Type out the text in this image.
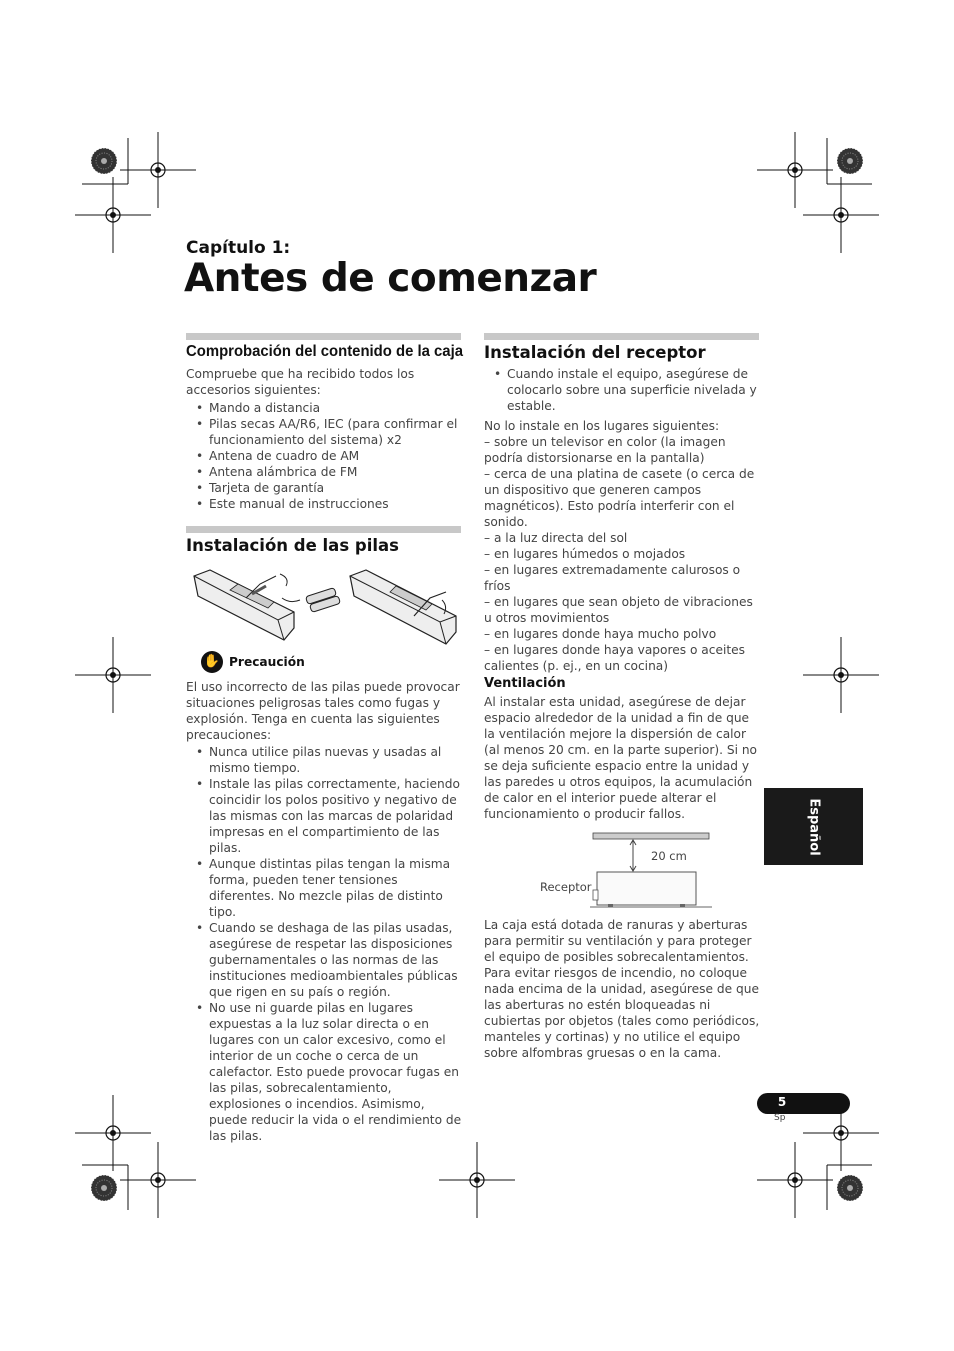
Capítulo 1:
Antes de comenzar
Comprobación del contenido de la caja
Compruebe que ha recibido todos los accesorios siguientes:
• Mando a distancia
• Pilas secas AA/R6, IEC (para confirmar el funcionamiento del sistema) x2
• Antena de cuadro de AM
• Antena alámbrica de FM
• Tarjeta de garantía
• Este manual de instrucciones
Instalación de las pilas
✋ Precaución
El uso incorrecto de las pilas puede provocar situaciones peligrosas tales como fugas y explosión. Tenga en cuenta las siguientes precauciones:
• Nunca utilice pilas nuevas y usadas al mismo tiempo.
• Instale las pilas correctamente, haciendo coincidir los polos positivo y negativo de las mismas con las marcas de polaridad impresas en el compartimiento de las pilas.
• Aunque distintas pilas tengan la misma forma, pueden tener tensiones diferentes. No mezcle pilas de distinto tipo.
• Cuando se deshaga de las pilas usadas, asegúrese de respetar las disposiciones gubernamentales o las normas de las instituciones medioambientales públicas que rigen en su país o región.
• No use ni guarde pilas en lugares expuestas a la luz solar directa o en lugares con un calor excesivo, como el interior de un coche o cerca de un calefactor. Esto puede provocar fugas en las pilas, sobrecalentamiento, explosiones o incendios. Asimismo, puede reducir la vida o el rendimiento de las pilas.
Instalación del receptor
• Cuando instale el equipo, asegúrese de colocarlo sobre una superficie nivelada y estable.
No lo instale en los lugares siguientes:
– sobre un televisor en color (la imagen podría distorsionarse en la pantalla)
– cerca de una platina de casete (o cerca de un dispositivo que generen campos magnéticos). Esto podría interferir con el sonido.
– a la luz directa del sol
– en lugares húmedos o mojados
– en lugares extremadamente calurosos o fríos
– en lugares que sean objeto de vibraciones u otros movimientos
– en lugares donde haya mucho polvo
– en lugares donde haya vapores o aceites calientes (p. ej., en un cocina)
Ventilación
Al instalar esta unidad, asegúrese de dejar espacio alrededor de la unidad a fin de que la ventilación mejore la dispersión de calor (al menos 20 cm. en la parte superior). Si no se deja suficiente espacio entre la unidad y las paredes u otros equipos, la acumulación de calor en el interior puede alterar el funcionamiento o producir fallos.
20 cm
Receptor
La caja está dotada de ranuras y aberturas para permitir su ventilación y para proteger el equipo de posibles sobrecalentamientos. Para evitar riesgos de incendio, no coloque nada encima de la unidad, asegúrese de que las aberturas no estén bloqueadas ni cubiertas por objetos (tales como periódicos, manteles y cortinas) y no utilice el equipo sobre alfombras gruesas o en la cama.
Español
5
Sp
